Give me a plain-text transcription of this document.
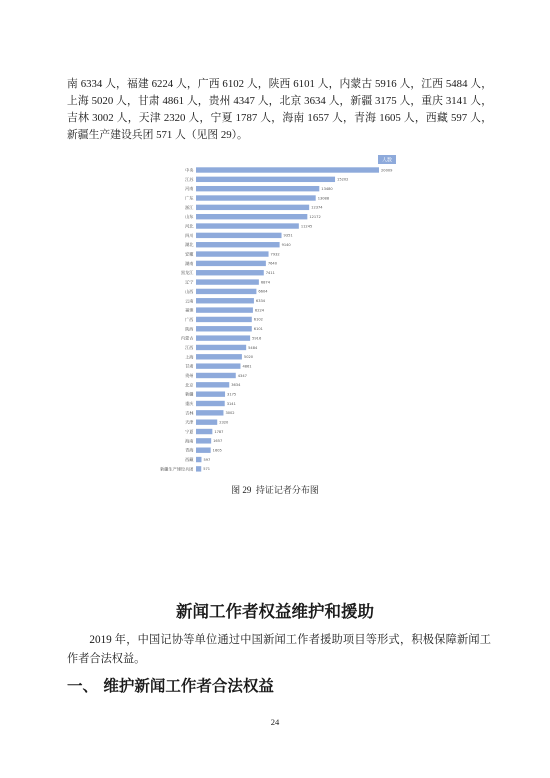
南 6334 人，福建 6224 人，广西 6102 人，陕西 6101 人，内蒙古 5916 人，江西 5484 人，
上海 5020 人，甘肃 4861 人，贵州 4347 人，北京 3634 人，新疆 3175 人，重庆 3141 人，
吉林 3002 人，天津 2320 人，宁夏 1787 人，海南 1657 人，青海 1605 人，西藏 597 人，
新疆生产建设兵团 571 人（见图 29）。
人数
中央	20009
江苏	15202
河南	13480
广东	13088
浙江	12374
山东	12172
河北	11245
四川	9351
湖北	9140
安徽	7932
湖南	7640
黑龙江	7411
辽宁	6874
山西	6604
云南	6334
福建	6224
广西	6102
陕西	6101
内蒙古	5916
江西	5484
上海	5020
甘肃	4861
贵州	4347
北京	3634
新疆	3175
重庆	3141
吉林	3002
天津	2320
宁夏	1787
海南	1657
青海	1605
西藏	597
新疆生产建设兵团	571
图 29  持证记者分布图
新闻工作者权益维护和援助
2019 年，中国记协等单位通过中国新闻工作者援助项目等形式，积极保障新闻工作者合法权益。
一、 维护新闻工作者合法权益
24
